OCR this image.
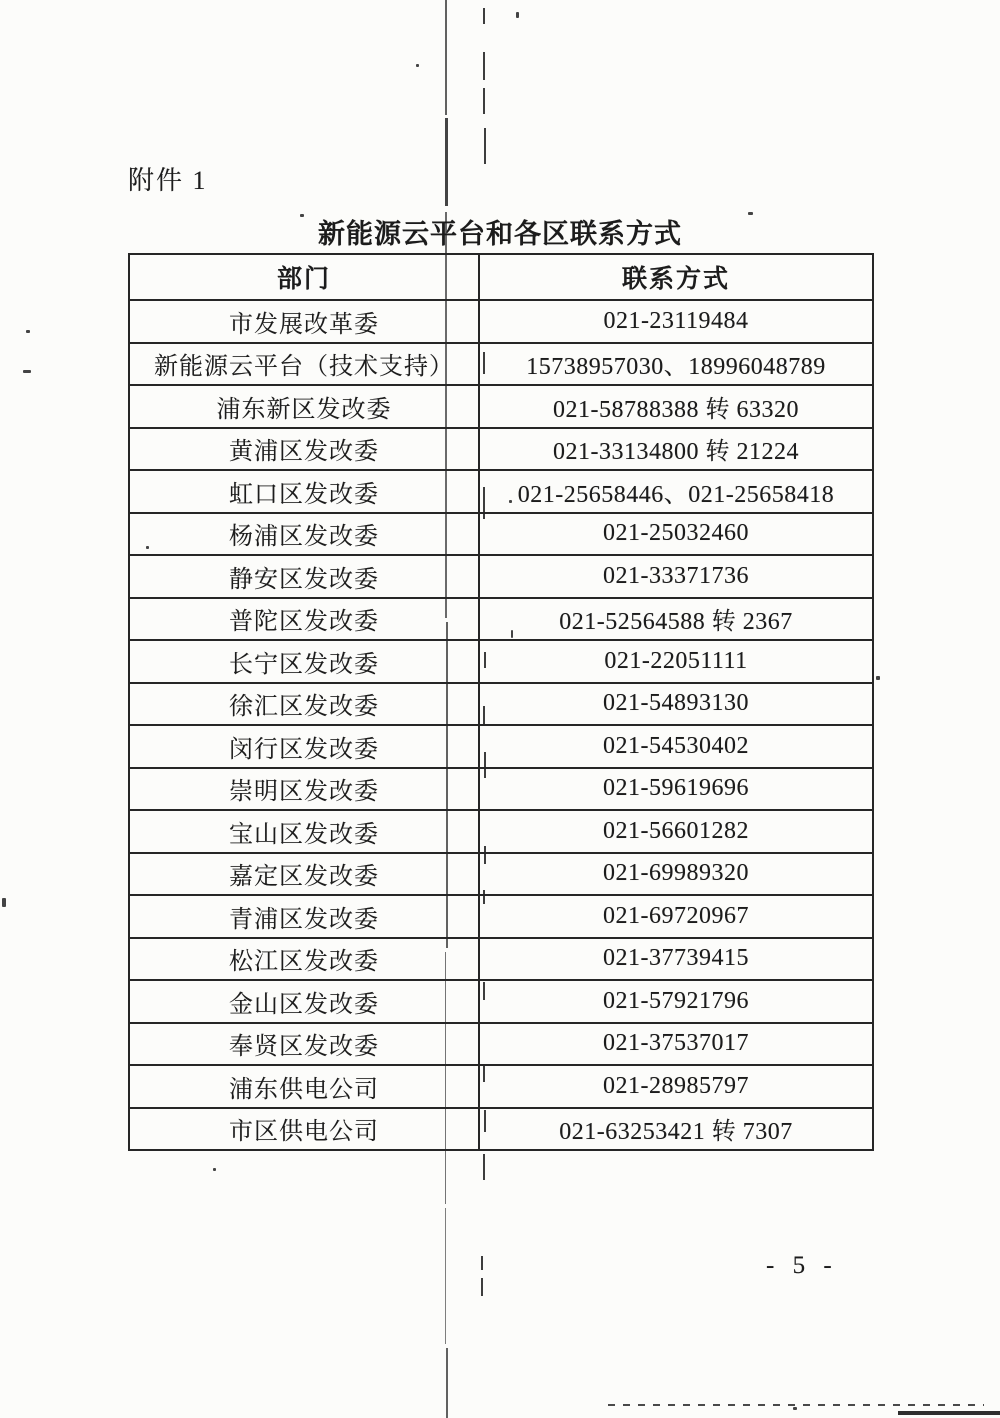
附件 1
新能源云平台和各区联系方式
部门	联系方式
市发展改革委	021-23119484
新能源云平台（技术支持）	15738957030、18996048789
浦东新区发改委	021-58788388 转 63320
黄浦区发改委	021-33134800 转 21224
虹口区发改委	021-25658446、021-25658418
杨浦区发改委	021-25032460
静安区发改委	021-33371736
普陀区发改委	021-52564588 转 2367
长宁区发改委	021-22051111
徐汇区发改委	021-54893130
闵行区发改委	021-54530402
崇明区发改委	021-59619696
宝山区发改委	021-56601282
嘉定区发改委	021-69989320
青浦区发改委	021-69720967
松江区发改委	021-37739415
金山区发改委	021-57921796
奉贤区发改委	021-37537017
浦东供电公司	021-28985797
市区供电公司	021-63253421 转 7307
- 5 -
